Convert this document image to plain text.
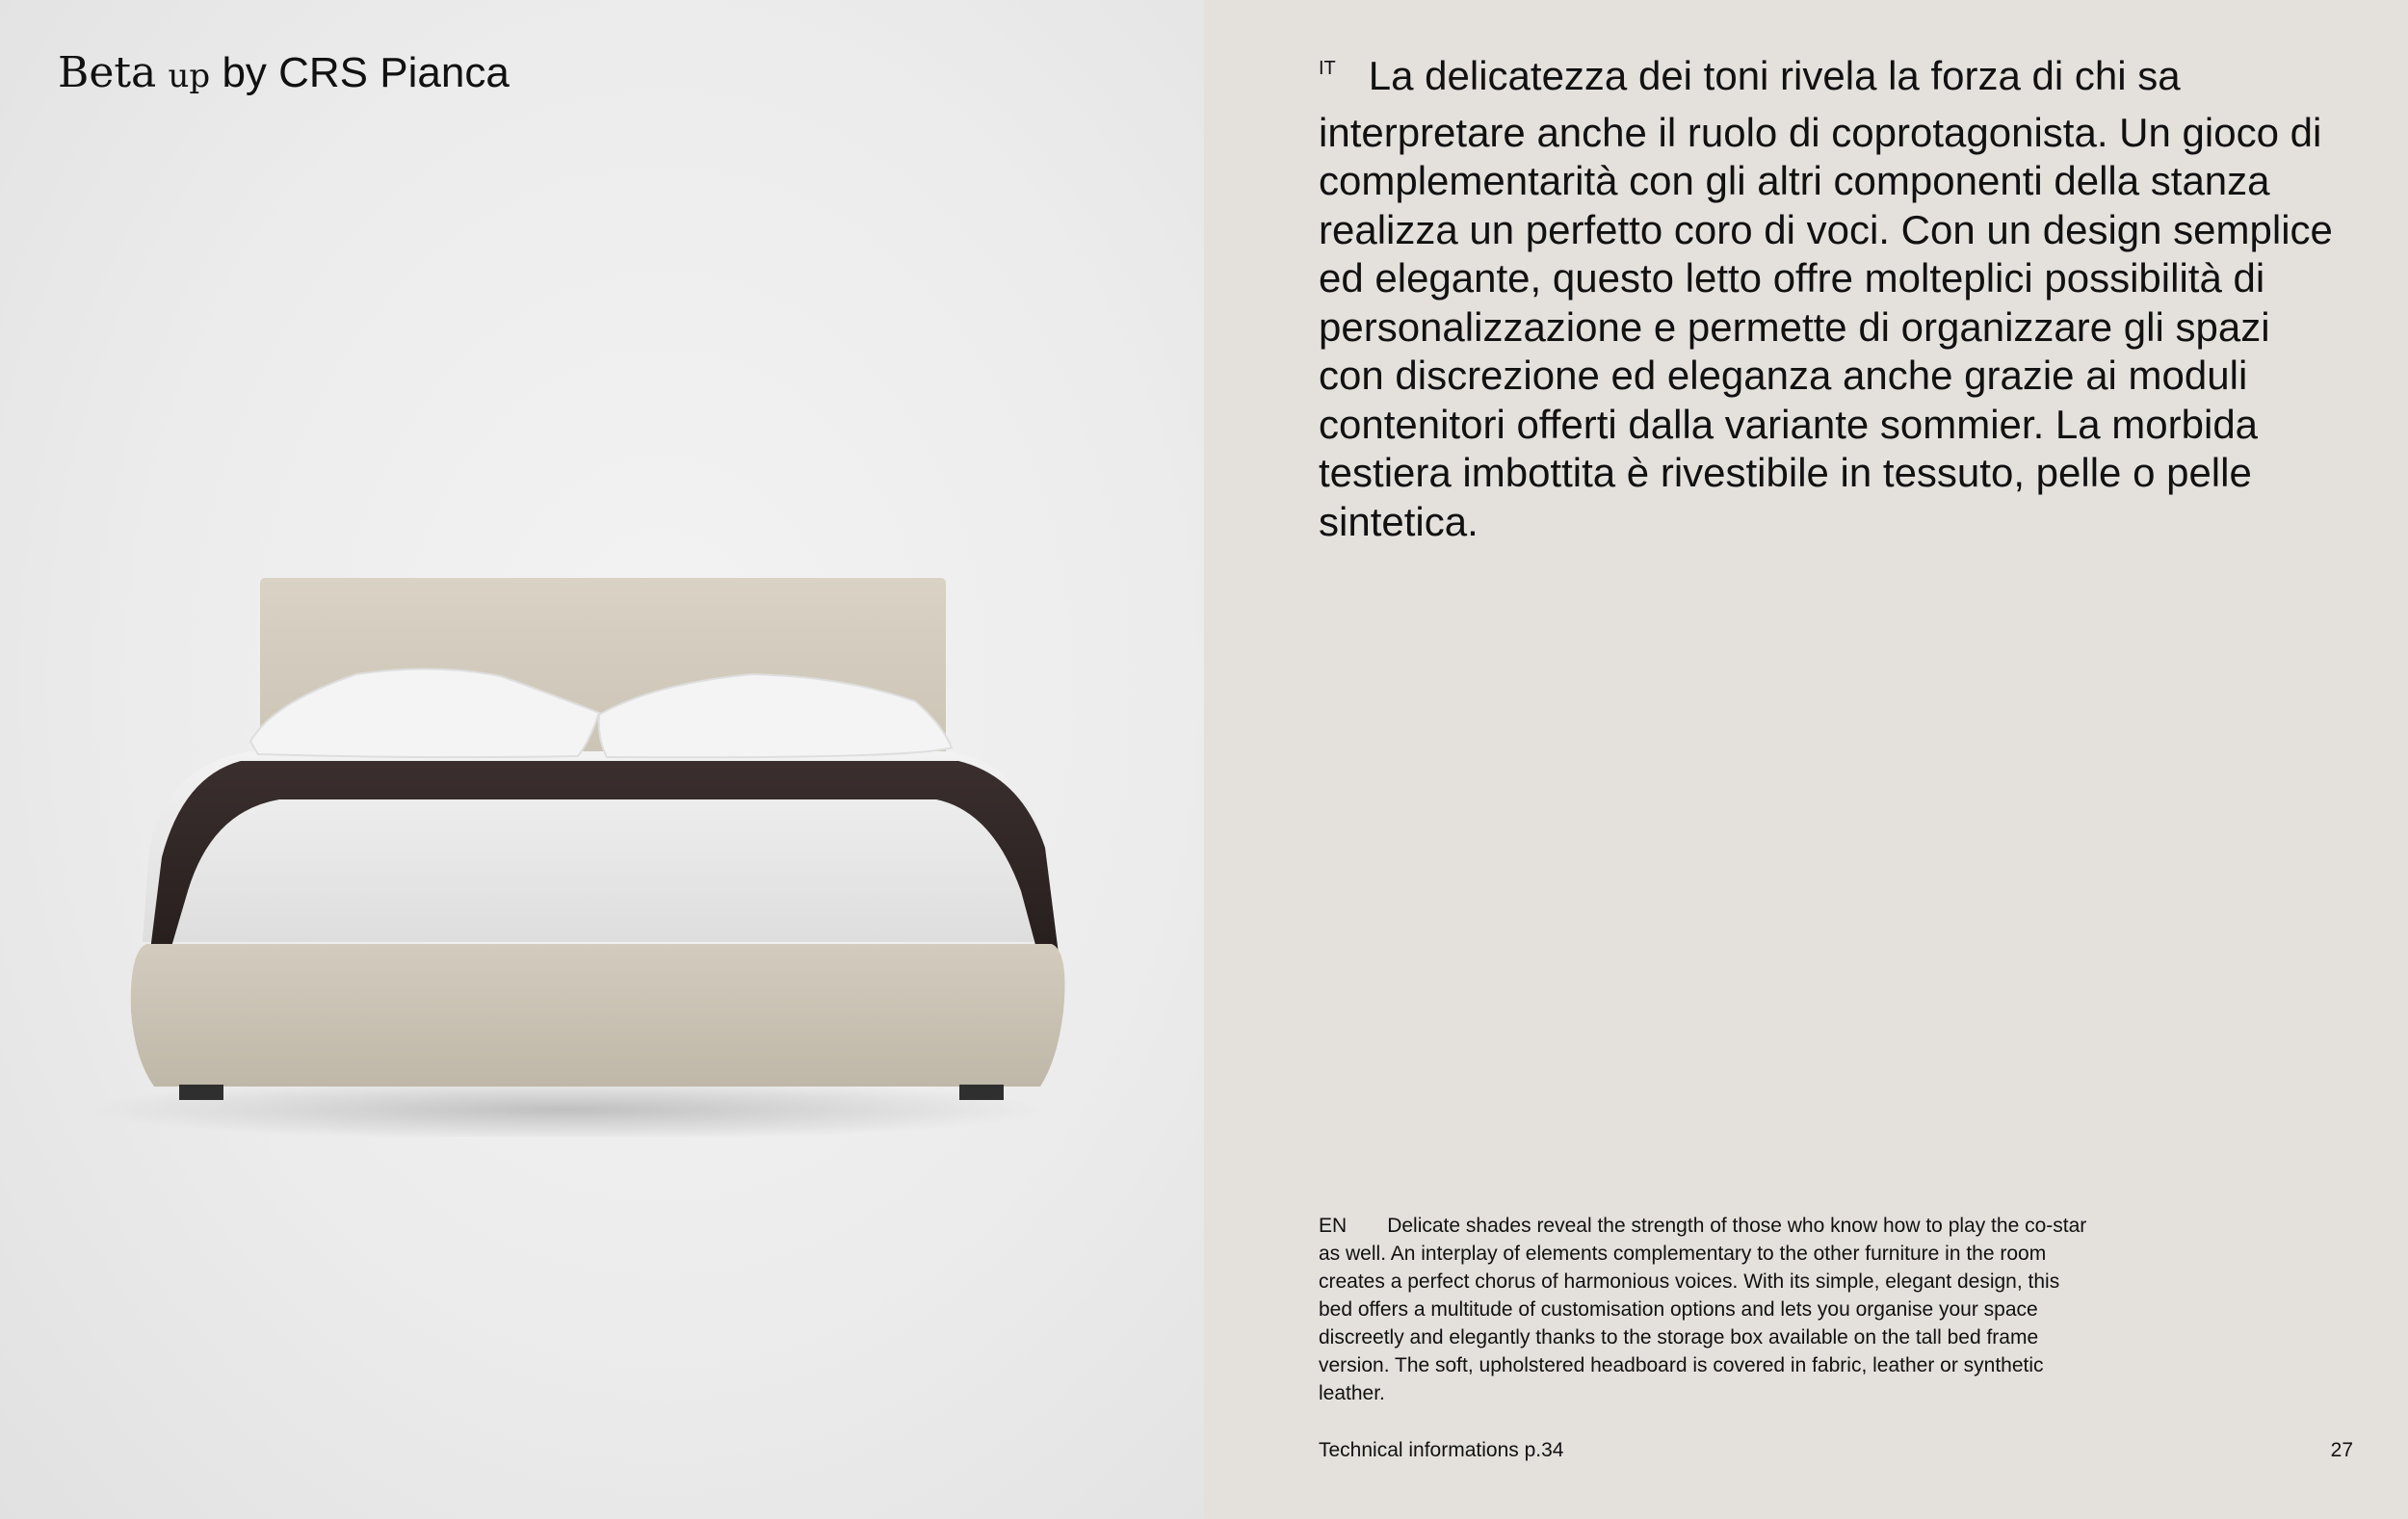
Beta up by CRS Pianca	$^{IT}$ La delicatezza dei toni rivela la forza di chi sa interpretare anche il ruolo di coprotagonista. Un gioco di complementarità con gli altri componenti della stanza realizza un perfetto coro di voci. Con un design semplice ed elegante, questo letto offre molteplici possibilità di personalizzazione e permette di organizzare gli spazi con discrezione ed eleganza anche grazie ai moduli contenitori offerti dalla variante sommier. La morbida testiera imbottita è rivestibile in tessuto, pelle o pelle sintetica.

EN Delicate shades reveal the strength of those who know how to play the co-star as well. An interplay of elements complementary to the other furniture in the room creates a perfect chorus of harmonious voices. With its simple, elegant design, this bed offers a multitude of customisation options and lets you organise your space discreetly and elegantly thanks to the storage box available on the tall bed frame version. The soft, upholstered headboard is covered in fabric, leather or synthetic leather.

Technical informations p.34	27
